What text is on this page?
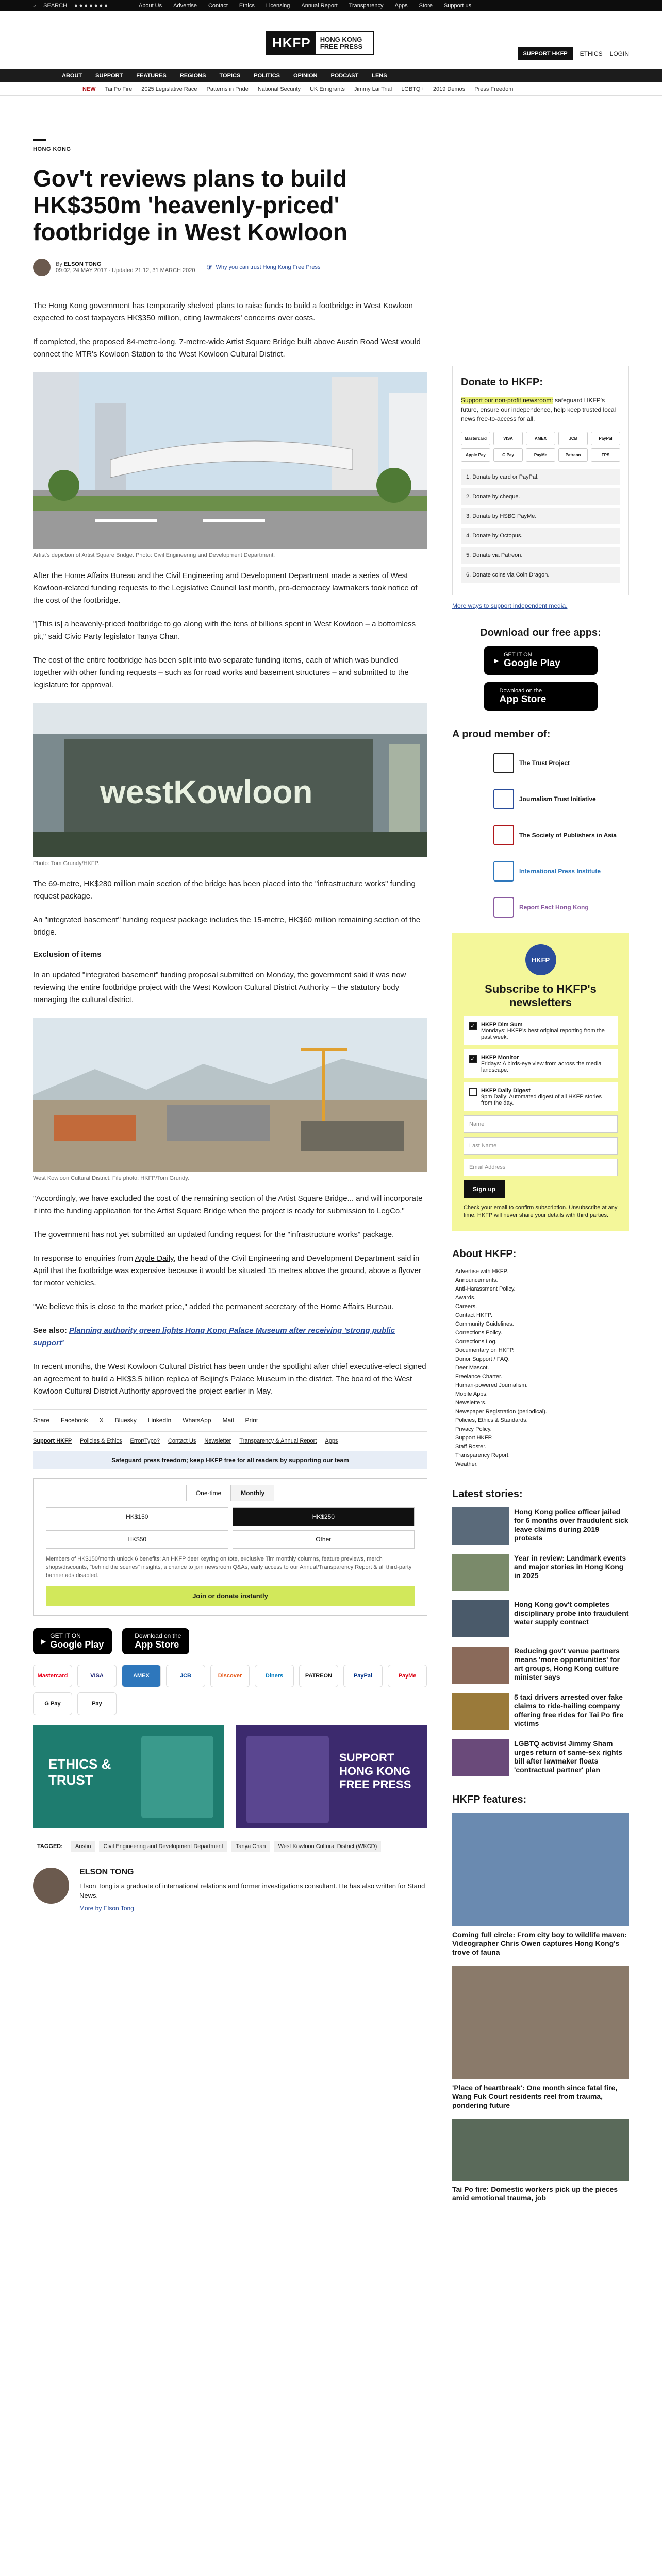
⌕ SEARCH ● ● ● ● ● ● ●	About Us Advertise Contact Ethics Licensing Annual Report Transparency Apps Store Support us
HKFP	HONG KONG FREE PRESS
SUPPORT HKFP	ETHICS LOGIN
ABOUT SUPPORT FEATURES REGIONS TOPICS POLITICS OPINION PODCAST LENS
NEW Tai Po Fire 2025 Legislative Race Patterns in Pride National Security UK Emigrants Jimmy Lai Trial LGBTQ+ 2019 Demos Press Freedom
HONG KONG
Gov't reviews plans to build HK$350m 'heavenly-priced' footbridge in West Kowloon
By ELSON TONG
09:02, 24 MAY 2017 · Updated 21:12, 31 MARCH 2020 🛡 Why you can trust Hong Kong Free Press

The Hong Kong government has temporarily shelved plans to raise funds to build a footbridge in West Kowloon expected to cost taxpayers HK$350 million, citing lawmakers' concerns over costs.

If completed, the proposed 84-metre-long, 7-metre-wide Artist Square Bridge built above Austin Road West would connect the MTR's Kowloon Station to the West Kowloon Cultural District.

Artist's depiction of Artist Square Bridge. Photo: Civil Engineering and Development Department.

After the Home Affairs Bureau and the Civil Engineering and Development Department made a series of West Kowloon-related funding requests to the Legislative Council last month, pro-democracy lawmakers took notice of the cost of the footbridge.

"[This is] a heavenly-priced footbridge to go along with the tens of billions spent in West Kowloon – a bottomless pit," said Civic Party legislator Tanya Chan.

The cost of the entire footbridge has been split into two separate funding items, each of which was bundled together with other funding requests – such as for road works and basement structures – and submitted to the legislature for approval.

westKowloon

Photo: Tom Grundy/HKFP.

The 69-metre, HK$280 million main section of the bridge has been placed into the "infrastructure works" funding request package.

An "integrated basement" funding request package includes the 15-metre, HK$60 million remaining section of the bridge.

Exclusion of items

In an updated "integrated basement" funding proposal submitted on Monday, the government said it was now reviewing the entire footbridge project with the West Kowloon Cultural District Authority – the statutory body managing the cultural district.

West Kowloon Cultural District. File photo: HKFP/Tom Grundy.

"Accordingly, we have excluded the cost of the remaining section of the Artist Square Bridge... and will incorporate it into the funding application for the Artist Square Bridge when the project is ready for submission to LegCo."

The government has not yet submitted an updated funding request for the "infrastructure works" package.

In response to enquiries from Apple Daily, the head of the Civil Engineering and Development Department said in April that the footbridge was expensive because it would be situated 15 metres above the ground, above a flyover for motor vehicles.

"We believe this is close to the market price," added the permanent secretary of the Home Affairs Bureau.

See also: Planning authority green lights Hong Kong Palace Museum after receiving 'strong public support'

In recent months, the West Kowloon Cultural District has been under the spotlight after chief executive-elect signed an agreement to build a HK$3.5 billion replica of Beijing's Palace Museum in the district. The board of the West Kowloon Cultural District Authority approved the project earlier in May.

Share Facebook X Bluesky LinkedIn WhatsApp Mail Print
Support HKFP Policies & Ethics Error/Typo? Contact Us Newsletter Transparency & Annual Report Apps
Safeguard press freedom; keep HKFP free for all readers by supporting our team
One-time	Monthly
HK$150	HK$250
HK$50	Other
Members of HK$150/month unlock 6 benefits: An HKFP deer keyring on tote, exclusive Tim monthly columns, feature previews, merch shops/discounts, "behind the scenes" insights, a chance to join newsroom Q&As, early access to our Annual/Transparency Report & all third-party banner ads disabled.
Join or donate instantly
▶
GET IT ON
Google Play
Download on the
App Store
Mastercard	VISA	AMEX	JCB	Discover	Diners	PATREON	PayPal	PayMe
G Pay	Pay
ETHICS & TRUST
HKFP
SUPPORT HONG KONG FREE PRESS
HKFP
TAGGED:	Austin	Civil Engineering and Development Department	Tanya Chan	West Kowloon Cultural District (WKCD)
ELSON TONG
Elson Tong is a graduate of international relations and former investigations consultant. He has also written for Stand News.
More by Elson Tong
Donate to HKFP:
Support our non-profit newsroom: safeguard HKFP's future, ensure our independence, help keep trusted local news free-to-access for all.
Mastercard	VISA	AMEX	JCB	PayPal
Apple Pay	G Pay	PayMe	Patreon	FPS
1. Donate by card or PayPal.
2. Donate by cheque.
3. Donate by HSBC PayMe.
4. Donate by Octopus.
5. Donate via Patreon.
6. Donate coins via Coin Dragon.
More ways to support independent media.
Download our free apps:
▶
GET IT ON
Google Play
Download on the
App Store
A proud member of:
The Trust Project
Journalism Trust Initiative
The Society of Publishers in Asia
International Press Institute
Report Fact Hong Kong
HKFP
Subscribe to HKFP's newsletters
✓	HKFP Dim Sum
Mondays: HKFP's best original reporting from the past week.
✓	HKFP Monitor
Fridays: A birds-eye view from across the media landscape.
HKFP Daily Digest
9pm Daily: Automated digest of all HKFP stories from the day.
Name
Last Name
Email Address
Sign up
Check your email to confirm subscription. Unsubscribe at any time. HKFP will never share your details with third parties.
About HKFP:
Advertise with HKFP.
Announcements.
Anti-Harassment Policy.
Awards.
Careers.
Contact HKFP.
Community Guidelines.
Corrections Policy.
Corrections Log.
Documentary on HKFP.
Donor Support / FAQ.
Deer Mascot.
Freelance Charter.
Human-powered Journalism.
Mobile Apps.
Newsletters.
Newspaper Registration (periodical).
Policies, Ethics & Standards.
Privacy Policy.
Support HKFP.
Staff Roster.
Transparency Report.
Weather.
Latest stories:
Hong Kong police officer jailed for 6 months over fraudulent sick leave claims during 2019 protests
Year in review: Landmark events and major stories in Hong Kong in 2025
Hong Kong gov't completes disciplinary probe into fraudulent water supply contract
Reducing gov't venue partners means 'more opportunities' for art groups, Hong Kong culture minister says
5 taxi drivers arrested over fake claims to ride-hailing company offering free rides for Tai Po fire victims
LGBTQ activist Jimmy Sham urges return of same-sex rights bill after lawmaker floats 'contractual partner' plan
HKFP features:
Coming full circle: From city boy to wildlife maven: Videographer Chris Owen captures Hong Kong's trove of fauna
'Place of heartbreak': One month since fatal fire, Wang Fuk Court residents reel from trauma, pondering future
Tai Po fire: Domestic workers pick up the pieces amid emotional trauma, job
